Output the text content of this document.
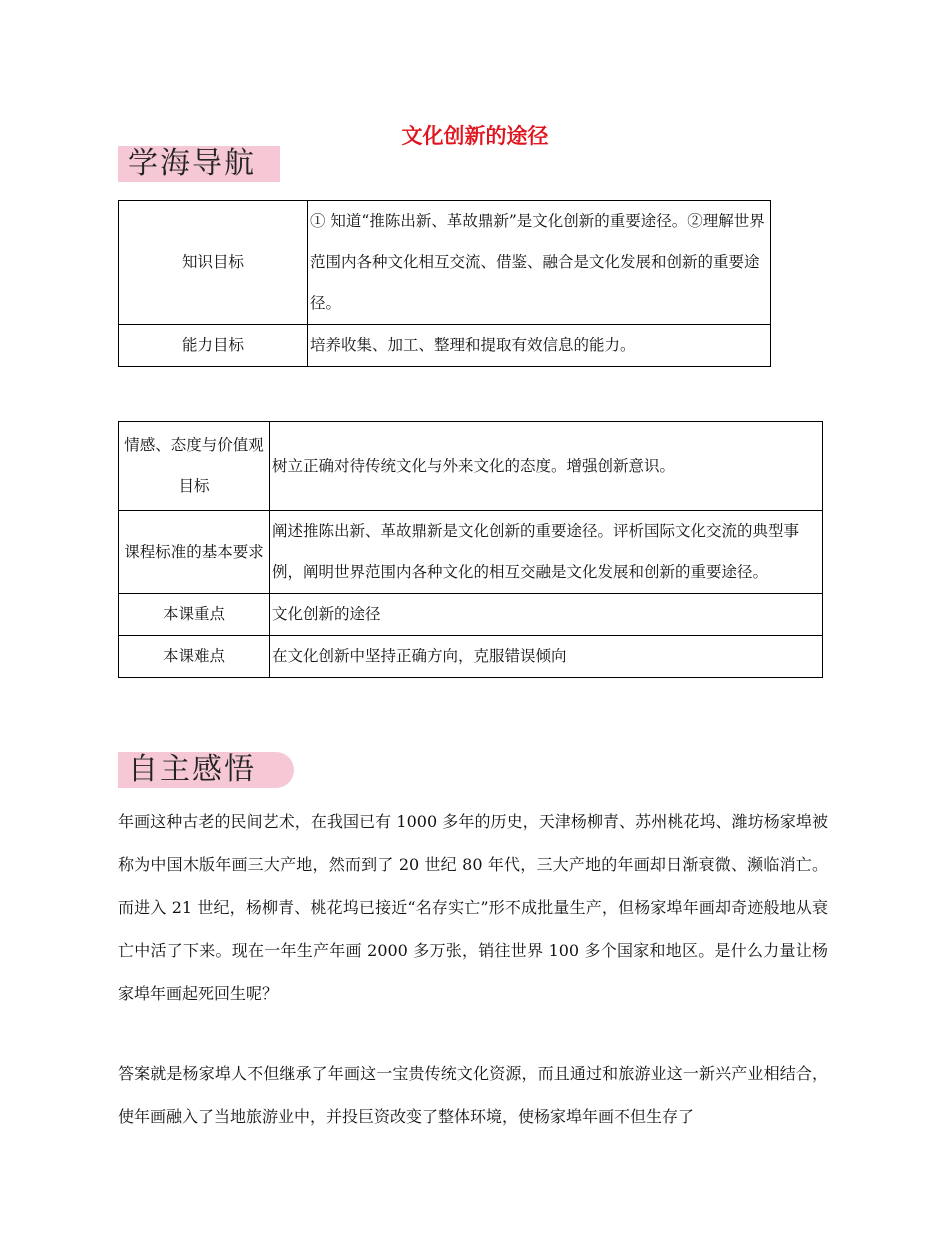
文化创新的途径
学海导航
知识目标	① 知道“推陈出新、革故鼎新”是文化创新的重要途径。②理解世界范围内各种文化相互交流、借鉴、融合是文化发展和创新的重要途径。
能力目标	培养收集、加工、整理和提取有效信息的能力。
情感、态度与价值观目标	树立正确对待传统文化与外来文化的态度。增强创新意识。
课程标准的基本要求	阐述推陈出新、革故鼎新是文化创新的重要途径。评析国际文化交流的典型事例，阐明世界范围内各种文化的相互交融是文化发展和创新的重要途径。
本课重点	文化创新的途径
本课难点	在文化创新中坚持正确方向，克服错误倾向
自主感悟

年画这种古老的民间艺术，在我国已有 1000 多年的历史，天津杨柳青、苏州桃花坞、潍坊杨家埠被称为中国木版年画三大产地，然而到了 20 世纪 80 年代，三大产地的年画却日渐衰微、濒临消亡。而进入 21 世纪，杨柳青、桃花坞已接近“名存实亡”形不成批量生产，但杨家埠年画却奇迹般地从衰亡中活了下来。现在一年生产年画 2000 多万张，销往世界 100 多个国家和地区。是什么力量让杨家埠年画起死回生呢？

答案就是杨家埠人不但继承了年画这一宝贵传统文化资源，而且通过和旅游业这一新兴产业相结合，使年画融入了当地旅游业中，并投巨资改变了整体环境，使杨家埠年画不但生存了
